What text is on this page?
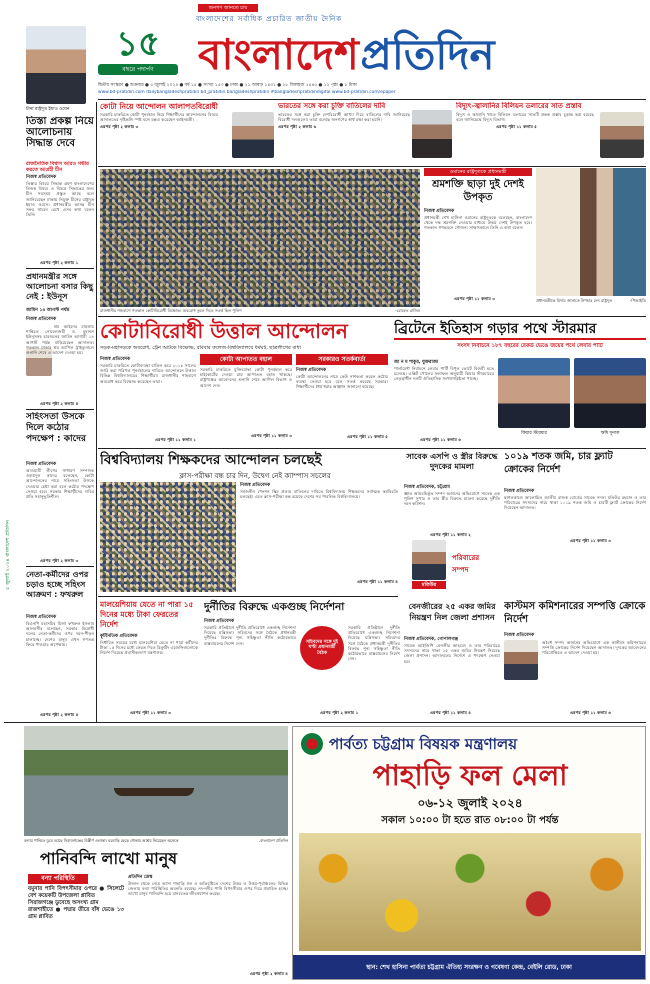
জনগণ জানতে চায়
বাংলাদেশের সর্বাধিক প্রচারিত জাতীয় দৈনিক
১৫
বছরে পদার্পণ	বাংলাদেশ প্রতিদিন
দ্বিতীয় সংস্করণ ● শুক্রবার ● ৫ জুলাই ২০২৪ ● বর্ষ ১৫ ● সংখ্যা ১৫৩ ● ঢাকা ● ২১ আষাঢ় ১৪৩১ ● ২৮ জিলহজ ১৪৪৫ ● ১২ পৃষ্ঠা ● ৮ টাকা
www.bd-pratidin.com dailybangladeshpratidin bd_pratidin bangladeshpratidin #bangladeshpratidindigital www.bd-pratidin.com/epaper
চীনা রাষ্ট্রদূত ইয়াও ওয়েন
তিস্তা প্রকল্প নিয়ে আলোচনায় সিদ্ধান্ত দেবে
রাজনৈতিক বিশ্বাস আরও গভীর করতে আগ্রহী চীন
নিজস্ব প্রতিবেদক
তিস্তার বিষয়ে সিদ্ধান্ত গ্রহণ বাংলাদেশের নিজস্ব বিষয়। এ বিষয়ে সিদ্ধান্তের জন্য চীন সবসময় প্রস্তুত আছে বলে জানিয়েছেন ঢাকায় নিযুক্ত চীনের রাষ্ট্রদূত ইয়াও ওয়েন। প্রধানমন্ত্রীর আসন্ন চীন সফর সামনে রেখে এসব কথা বলেন তিনি।
এরপর পৃষ্ঠা ২ কলাম ১
প্রধানমন্ত্রীর সঙ্গে আলোচনা বসার কিছু নেই : ইউনূস
জামিন ১৪ আগস্ট পর্যন্ত
নিজস্ব প্রতিবেদক
শ্রম আইনের মামলায় শান্তিতে নোবেলজয়ী ড. মুহাম্মদ ইউনূসসহ চারজনের জামিন আগামী ১৪ আগস্ট পর্যন্ত বাড়িয়েছেন আদালত। গতকাল ঢাকার শ্রম আপিল ট্রাইব্যুনালে শুনানি শেষে এ আদেশ দেওয়া হয়।
এরপর পৃষ্ঠা ২ কলাম ৪
সহিংসতা উসকে দিলে কঠোর পদক্ষেপ : কাদের
নিজস্ব প্রতিবেদক
আওয়ামী লীগের সাধারণ সম্পাদক ওবায়দুল কাদের বলেছেন, কোটা আন্দোলনের নামে সহিংসতা উসকে দেওয়ার চেষ্টা করা হলে কঠোর পদক্ষেপ নেওয়া হবে। সরকার শিক্ষার্থীদের দাবির প্রতি সহানুভূতিশীল।
এরপর পৃষ্ঠা ২ কলাম ৩
নেতা-কর্মীদের ওপর চড়াও হচ্ছে সহিংস আক্রমণ : ফখরুল
নিজস্ব প্রতিবেদক
বিএনপি মহাসচিব মির্জা ফখরুল ইসলাম আলমগীর বলেছেন, সরকার বিরোধী দলের নেতা-কর্মীদের ওপর দমন-পীড়ন চালাচ্ছে। দেশের মানুষ এখন গণতন্ত্র ফিরে পাওয়ার অপেক্ষায়।
এরপর পৃষ্ঠা ২ কলাম ৫
৫ জুলাই ২০২৪ বাংলাদেশ প্রতিদিন
কোটা নিয়ে আন্দোলন আলাপতবিরোধী
সরকারি চাকরিতে কোটা পুনর্বহাল নিয়ে শিক্ষার্থীদের আন্দোলনের বিষয়ে আদালতের দৃষ্টিভঙ্গি স্পষ্ট বলে মন্তব্য করেছেন আইনমন্ত্রী।
এরপর পৃষ্ঠা ২ কলাম ৩
ভারতের সঙ্গে করা চুক্তি বাতিলের দাবি
ভারতের সঙ্গে করা চুক্তি দেশবিরোধী আখ্যা দিয়ে বাতিলের দাবি জানিয়েছে বিরোধী দলগুলো। তারা বলেছে জনগণের স্বার্থ রক্ষা করা হয়নি।
এরপর পৃষ্ঠা ২ কলাম ৬
বিদ্যুৎ-জ্বালানির বিলিয়ন ডলারের সাত প্রস্তাব
বিদ্যুৎ ও জ্বালানি খাতে বিলিয়ন ডলারের সাতটি প্রকল্প প্রস্তাব চূড়ান্ত করা হয়েছে বলে জানিয়েছে বিদ্যুৎ বিভাগ।
এরপর পৃষ্ঠা ১১ কলাম ৫
রাজধানীর শাহবাগে গতকাল কোটাবিরোধী বিক্ষোভ। অবরোধ তুলে দিতে সতর্ক ছিল পুলিশ	-রোহেত রাজিব
ওমানের রাষ্ট্রদূতকে প্রধানমন্ত্রী
শ্রমশক্তি ছাড়া দুই দেশই উপকৃত
নিজস্ব প্রতিবেদক
প্রধানমন্ত্রী শেখ হাসিনা ওমানের রাষ্ট্রদূতকে বলেছেন, বাংলাদেশ থেকে দক্ষ শ্রমশক্তি নেওয়ার মাধ্যমে উভয় দেশই উপকৃত হবে। গতকাল গণভবনে সৌজন্য সাক্ষাৎকালে তিনি এ কথা বলেন।
এরপর পৃষ্ঠা ১১ কলাম ৩	প্রধানমন্ত্রীকে বিদায় জানাতে উপহার দেন রাষ্ট্রদূত	-পিআইডি
কোটাবিরোধী উত্তাল আন্দোলন
সড়ক-মহাসড়কে অবরোধ, ট্রেন আটকে বিক্ষোভ, রবিবার কলেজ-বিশ্ববিদ্যালয়ে ধর্মঘট, ছাত্রলীগের বাধা
নিজস্ব প্রতিবেদক
সরকারি চাকরিতে কোটাব্যবস্থা বাতিল করে ২০১৮ সালের জারি করা পরিপত্র পুনর্বহালের দাবিতে আন্দোলনে উত্তাল বিভিন্ন বিশ্ববিদ্যালয়ের শিক্ষার্থীরা। রাজধানীর শাহবাগে অবরোধ করে বিক্ষোভ করেছেন তারা।
এরপর পৃষ্ঠা ১১ কলাম ১
কোটা আপাতত বহাল
সরকারি চাকরিতে মুক্তিযোদ্ধা কোটা পুনর্বহাল করে হাইকোর্টের দেওয়া রায় আপাতত বহাল থাকছে। রাষ্ট্রপক্ষের আবেদনের শুনানি শেষে আপিল বিভাগ এ আদেশ দেন।
এরপর পৃষ্ঠা ১১ কলাম ৩
সরকারও সতর্কবার্তা
নিজস্ব প্রতিবেদক
কোটা আন্দোলনের নামে কেউ নাশকতা করলে কঠোর ব্যবস্থা নেওয়া হবে বলে সতর্ক করেছে সরকার। শিক্ষার্থীদের ধৈর্য ধরার আহ্বান জানানো হয়েছে।
এরপর পৃষ্ঠা ১১ কলাম ৫
ব্রিটেনে ইতিহাস গড়ার পথে স্টারমার
সংসদ নির্বাচনে ১৮৭ বছরের রেকর্ড ভেঙে জয়ের পথে লেবার পার্টি
জা ন ম শাকুর, যুক্তরাজ্য
পার্লামেন্ট নির্বাচনে লেবার পার্টি বিপুল ভোটে বিজয়ী হতে চলেছে। এক্সিট পোলের ফলাফল অনুযায়ী কিয়ার স্টারমারের নেতৃত্বাধীন দলটি ঐতিহাসিক সংখ্যাগরিষ্ঠতা পাচ্ছে।
এরপর পৃষ্ঠা ১১ কলাম ৬
কিয়ার স্টারমার	ঋষি সুনাক
বিশ্ববিদ্যালয় শিক্ষকদের আন্দোলন চলছেই
ক্লাস-পরীক্ষা বন্ধ চার দিন, উদ্বেগ নেই ক্যাম্পাস সচলের
নিজস্ব প্রতিবেদক
সর্বজনীন পেনশন স্কিম প্রত্যয় বাতিলের দাবিতে বিশ্ববিদ্যালয় শিক্ষকদের সর্বাত্মক কর্মবিরতি চলছেই। এতে ক্লাস-পরীক্ষা বন্ধ রয়েছে দেশের সব পাবলিক বিশ্ববিদ্যালয়ে।
এরপর পৃষ্ঠা ১১ কলাম ৪
সাবেক এসপি ও স্ত্রীর বিরুদ্ধে দুদকের মামলা
নিজস্ব প্রতিবেদক, চট্টগ্রাম
জ্ঞাত আয়বহির্ভূত সম্পদ অর্জনের অভিযোগে সাবেক এক পুলিশ সুপার ও তার স্ত্রীর বিরুদ্ধে মামলা করেছে দুর্নীতি দমন কমিশন।
এরপর পৃষ্ঠা ১১ কলাম ২
মতিউর
পরিবারের
সম্পদ
১০১৯ শতক জমি, চার ফ্ল্যাট ক্রোকের নির্দেশ
নিজস্ব প্রতিবেদক
ছাগলকাণ্ডে আলোচিত জাতীয় রাজস্ব বোর্ডের সাবেক সদস্য মতিউর রহমান ও তার পরিবারের সদস্যদের নামে থাকা ১০১৯ শতক জমি ও চারটি ফ্ল্যাট ক্রোকের নির্দেশ দিয়েছেন আদালত।
এরপর পৃষ্ঠা ১১ কলাম ৩
মালয়েশিয়ায় যেতে না পারা ১৫ দিনের মধ্যে টাকা ফেরতের নির্দেশ
কূটনৈতিক প্রতিবেদক
নির্ধারিত সময়ের মধ্যে মালয়েশিয়া যেতে না পারা কর্মীদের টাকা ১৫ দিনের মধ্যে ফেরত দিতে রিক্রুটিং এজেন্সিগুলোকে নির্দেশ দিয়েছে প্রবাসীকল্যাণ মন্ত্রণালয়।
এরপর পৃষ্ঠা ১১ কলাম ৩
দুর্নীতির বিরুদ্ধে একগুচ্ছ নির্দেশনা
নিজস্ব প্রতিবেদক
সরকারি প্রতিষ্ঠানে দুর্নীতি প্রতিরোধে একগুচ্ছ নির্দেশনা দিয়েছে মন্ত্রিসভা। সচিবদের সঙ্গে বৈঠকে প্রধানমন্ত্রী দুর্নীতির বিরুদ্ধে শূন্য সহিষ্ণুতা নীতি কঠোরভাবে বাস্তবায়নের নির্দেশ দেন।	সচিবদের সঙ্গে দুই ঘণ্টা প্রধানমন্ত্রী বৈঠক
সরকারি প্রতিষ্ঠানে দুর্নীতি প্রতিরোধে একগুচ্ছ নির্দেশনা দিয়েছে মন্ত্রিসভা। সচিবদের সঙ্গে বৈঠকে প্রধানমন্ত্রী দুর্নীতির বিরুদ্ধে শূন্য সহিষ্ণুতা নীতি কঠোরভাবে বাস্তবায়নের নির্দেশ দেন।
এরপর পৃষ্ঠা ২ কলাম ১
বেনজীরের ২৫ একর জমির নিয়ন্ত্রণ নিল জেলা প্রশাসন
নিজস্ব প্রতিবেদক, গোপালগঞ্জ
সাবেক আইজিপি বেনজীর আহমেদ ও তার পরিবারের সদস্যদের নামে থাকা ২৫ একর জমির নিয়ন্ত্রণ নিয়েছে জেলা প্রশাসন। আদালতের নির্দেশে এ পদক্ষেপ নেওয়া হয়।
এরপর পৃষ্ঠা ১১ কলাম ৪
কাস্টমস কমিশনারের সম্পত্তি ক্রোকে নির্দেশ
নিজস্ব প্রতিবেদক
অবৈধ সম্পদ অর্জনের অভিযোগে এক কাস্টমস কমিশনারের সম্পত্তি ক্রোকের নির্দেশ দিয়েছেন আদালত। দুদকের আবেদনের পরিপ্রেক্ষিতে এ আদেশ দেওয়া হয়।
এরপর পৃষ্ঠা ১১ কলাম ৬
বন্যার পানিতে ডুবে আছে সিরাজগঞ্জের বিস্তীর্ণ এলাকা। ঘরবাড়ি ছেড়ে নৌকায় আশ্রয় নিয়েছেন অনেকে	-বাংলাদেশ প্রতিদিন
পানিবন্দি লাখো মানুষ
বন্যা পরিস্থিতি
যমুনার পানি বিপৎসীমার ওপরে ● সিলেটে বেশ কয়েকটি উপজেলা প্লাবিত
সিরাজগঞ্জে ডুবেছে অসংখ্য গ্রাম
রাজশাহীতে ● পদ্মার তীরে বাঁধ ভেঙে ১৩ গ্রাম প্লাবিত
প্রতিদিন ডেস্ক
উজান থেকে নেমে আসা পাহাড়ি ঢল ও অতিবৃষ্টিতে দেশের উত্তর ও উত্তর-পূর্বাঞ্চলের বিভিন্ন জেলায় বন্যা পরিস্থিতির অবনতি হয়েছে। নদ-নদীর পানি বিপৎসীমার ওপর দিয়ে প্রবাহিত হচ্ছে। লাখো মানুষ পানিবন্দি হয়ে মানবেতর জীবনযাপন করছে।
এরপর পৃষ্ঠা ২ কলাম ৪
পার্বত্য চট্টগ্রাম বিষয়ক মন্ত্রণালয়
পাহাড়ি ফল মেলা
০৬-১২ জুলাই ২০২৪
সকাল ১০:০০ টা হতে রাত ০৮:০০ টা পর্যন্ত
স্থান: শেখ হাসিনা পার্বত্য চট্টগ্রাম ঐতিহ্য সংরক্ষণ ও গবেষণা কেন্দ্র, বেইলি রোড, ঢাকা
